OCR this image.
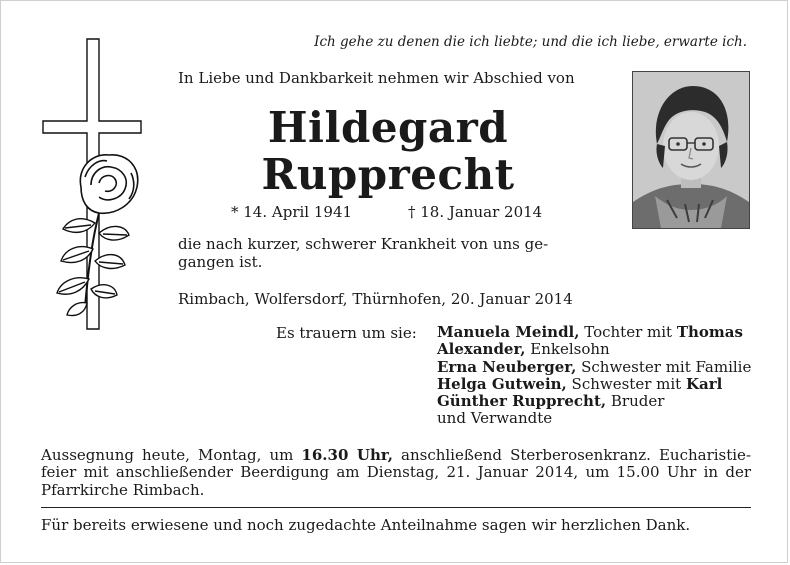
Ich gehe zu denen die ich liebte; und die ich liebe, erwarte ich.
In Liebe und Dankbarkeit nehmen wir Abschied von
Hildegard
Rupprecht
* 14. April 1941	† 18. Januar 2014
die nach kurzer, schwerer Krankheit von uns ge-
gangen ist.
Rimbach, Wolfersdorf, Thürnhofen, 20. Januar 2014
Es trauern um sie: Manuela Meindl, Tochter mit Thomas
Alexander, Enkelsohn
Erna Neuberger, Schwester mit Familie
Helga Gutwein, Schwester mit Karl
Günther Rupprecht, Bruder
und Verwandte
Aussegnung heute, Montag, um 16.30 Uhr, anschließend Sterberosenkranz. Eucharistie-feier mit anschließender Beerdigung am Dienstag, 21. Januar 2014, um 15.00 Uhr in der Pfarrkirche Rimbach.
Für bereits erwiesene und noch zugedachte Anteilnahme sagen wir herzlichen Dank.
